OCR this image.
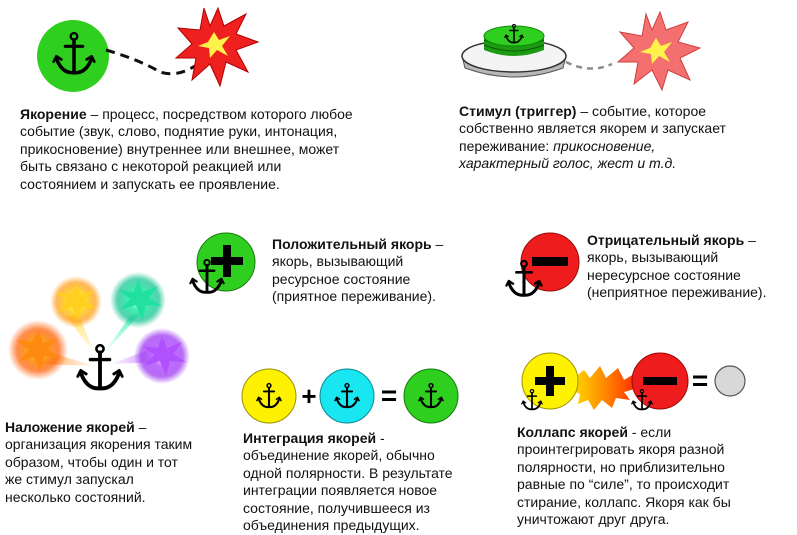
+ =	=
Якорение – процесс, посредством которого любое
событие (звук, слово, поднятие руки, интонация,
прикосновение) внутреннее или внешнее, может
быть связано с некоторой реакцией или
состоянием и запускать ее проявление.
Стимул (триггер) – событие, которое
собственно является якорем и запускает
переживание: прикосновение,
характерный голос, жест и т.д.
Положительный якорь –
якорь, вызывающий
ресурсное состояние
(приятное переживание).
Отрицательный якорь –
якорь, вызывающий
нересурсное состояние
(неприятное переживание).
Наложение якорей –
организация якорения таким
образом, чтобы один и тот
же стимул запускал
несколько состояний.
Интеграция якорей -
объединение якорей, обычно
одной полярности. В результате
интеграции появляется новое
состояние, получившееся из
объединения предыдущих.
Коллапс якорей - если
проинтегрировать якоря разной
полярности, но приблизительно
равные по “силе”, то происходит
стирание, коллапс. Якоря как бы
уничтожают друг друга.
